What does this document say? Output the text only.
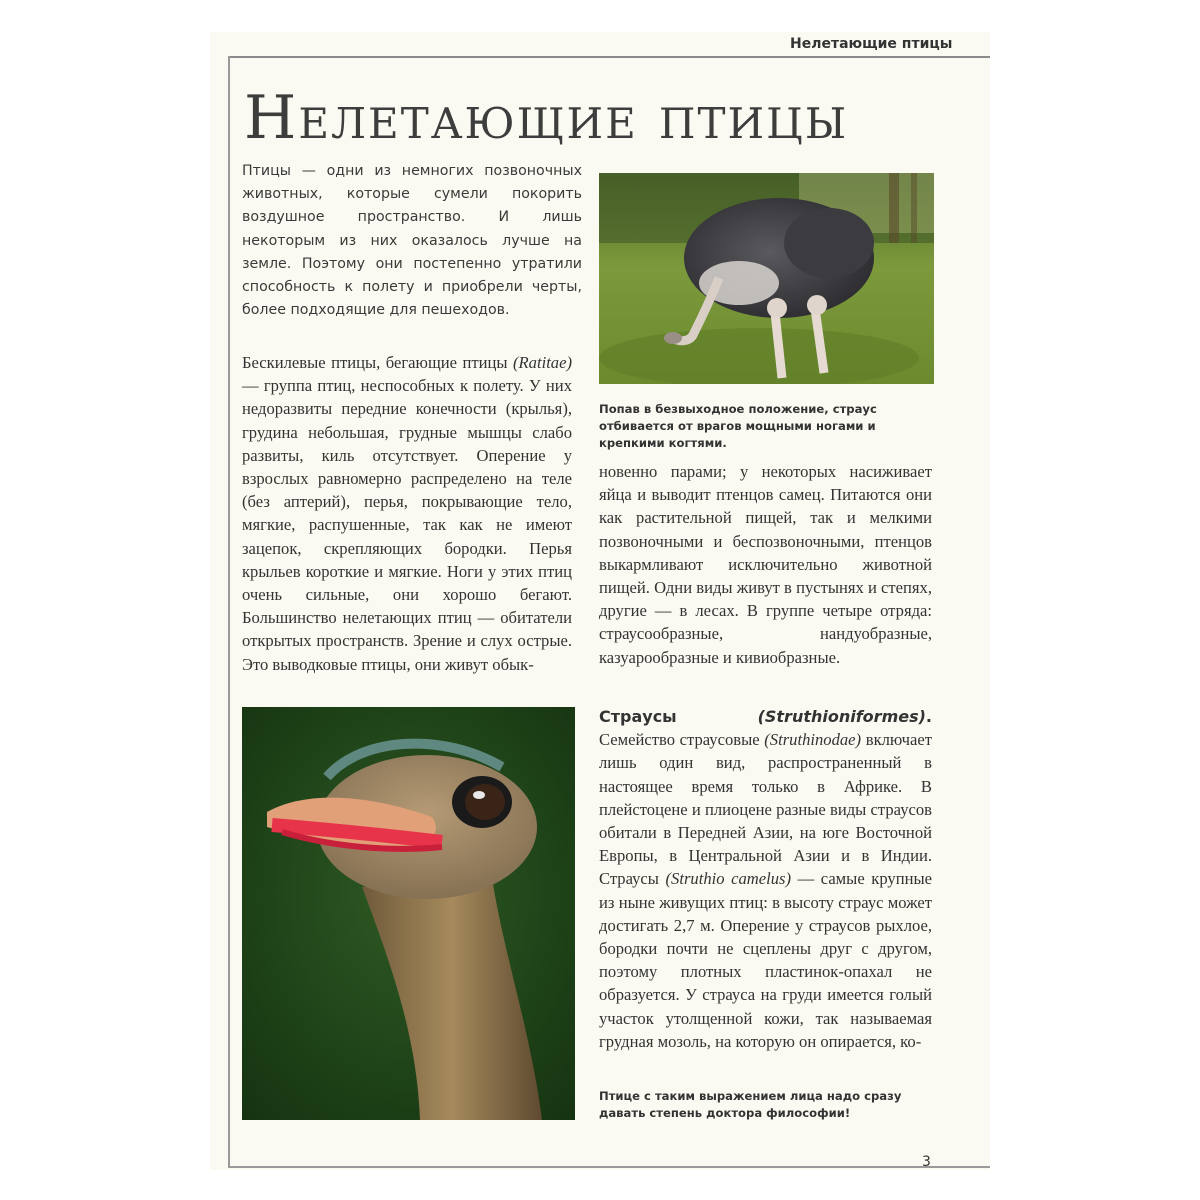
Нелетающие птицы
Нелетающие птицы

Птицы — одни из немногих позвоночных животных, которые сумели покорить воздушное пространство. И лишь некоторым из них оказалось лучше на земле. Поэтому они постепенно утратили способность к полету и приобрели черты, более подходящие для пешеходов.

Бескилевые птицы, бегающие птицы (Ratitae) — группа птиц, неспособных к полету. У них недоразвиты передние конечности (крылья), грудина небольшая, грудные мышцы слабо развиты, киль отсутствует. Оперение у взрослых равномерно распределено на теле (без аптерий), перья, покрывающие тело, мягкие, распушенные, так как не имеют зацепок, скрепляющих бородки. Перья крыльев короткие и мягкие. Ноги у этих птиц очень сильные, они хорошо бегают. Большинство нелетающих птиц — обитатели открытых пространств. Зрение и слух острые. Это выводковые птицы, они живут обык-

новенно парами; у некоторых насиживает яйца и выводит птенцов самец. Питаются они как растительной пищей, так и мелкими позвоночными и беспозвоночными, птенцов выкармливают исключительно животной пищей. Одни виды живут в пустынях и степях, другие — в лесах. В группе четыре отряда: страусообразные, нандуобразные, казуарообразные и кивиобразные.

Страусы (Struthioniformes). Семейство страусовые (Struthinodae) включает лишь один вид, распространенный в настоящее время только в Африке. В плейстоцене и плиоцене разные виды страусов обитали в Передней Азии, на юге Восточной Европы, в Центральной Азии и в Индии. Страусы (Struthio camelus) — самые крупные из ныне живущих птиц: в высоту страус может достигать 2,7 м. Оперение у страусов рыхлое, бородки почти не сцеплены друг с другом, поэтому плотных пластинок-опахал не образуется. У страуса на груди имеется голый участок утолщенной кожи, так называемая грудная мозоль, на которую он опирается, ко-

Попав в безвыходное положение, страус отбивается от врагов мощными ногами и крепкими когтями.

Птице с таким выражением лица надо сразу давать степень доктора философии!

3
